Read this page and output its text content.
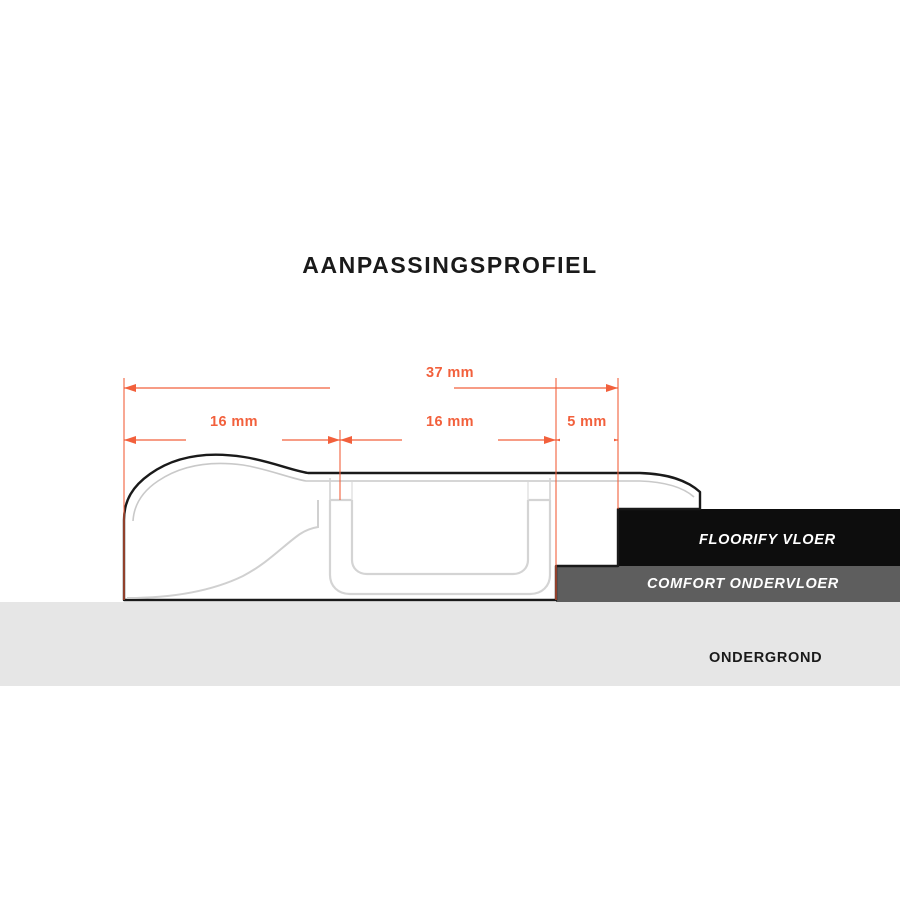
AANPASSINGSPROFIEL
37 mm
16 mm	16 mm	5 mm
FLOORIFY VLOER
COMFORT ONDERVLOER
ONDERGROND
